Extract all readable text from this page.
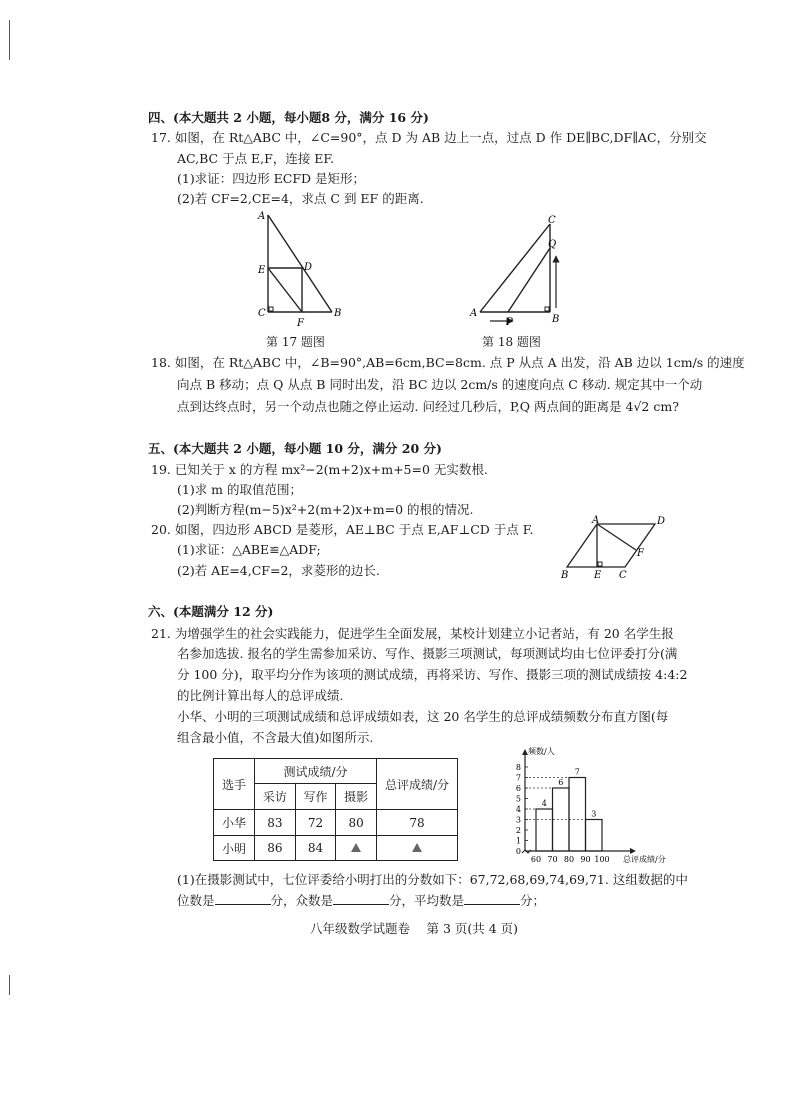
四、(本大题共 2 小题，每小题8 分，满分 16 分)
17. 如图，在 Rt△ABC 中，∠C=90°，点 D 为 AB 边上一点，过点 D 作 DE∥BC,DF∥AC，分别交
AC,BC 于点 E,F，连接 EF.
(1)求证：四边形 ECFD 是矩形；
(2)若 CF=2,CE=4，求点 C 到 EF 的距离.
A
E	D
C
F
B
第 17 题图
A
P	B
C
Q
第 18 题图
18. 如图，在 Rt△ABC 中，∠B=90°,AB=6cm,BC=8cm. 点 P 从点 A 出发，沿 AB 边以 1cm/s 的速度
向点 B 移动；点 Q 从点 B 同时出发，沿 BC 边以 2cm/s 的速度向点 C 移动. 规定其中一个动
点到达终点时，另一个动点也随之停止运动. 问经过几秒后，P,Q 两点间的距离是 4√2 cm?
五、(本大题共 2 小题，每小题 10 分，满分 20 分)
19. 已知关于 x 的方程 mx²−2(m+2)x+m+5=0 无实数根.
(1)求 m 的取值范围；
(2)判断方程(m−5)x²+2(m+2)x+m=0 的根的情况.
20. 如图，四边形 ABCD 是菱形，AE⊥BC 于点 E,AF⊥CD 于点 F.
(1)求证：△ABE≌△ADF;
(2)若 AE=4,CF=2，求菱形的边长.
A	D
F
B	E C
六、(本题满分 12 分)
21. 为增强学生的社会实践能力，促进学生全面发展，某校计划建立小记者站，有 20 名学生报
名参加选拔. 报名的学生需参加采访、写作、摄影三项测试，每项测试均由七位评委打分(满
分 100 分)，取平均分作为该项的测试成绩，再将采访、写作、摄影三项的测试成绩按 4:4:2
的比例计算出每人的总评成绩.
小华、小明的三项测试成绩和总评成绩如表，这 20 名学生的总评成绩频数分布直方图(每
组含最小值，不含最大值)如图所示.
选手	测试成绩/分			总评成绩/分
	采访	写作	摄影	
小华	83	72	80	78
小明	86	84			0
1
2
3
4
5
6
7
8
4
6
7
3
60 70 80 90 100 总评成绩/分
频数/人
(1)在摄影测试中，七位评委给小明打出的分数如下：67,72,68,69,74,69,71. 这组数据的中
位数是	分，众数是	分，平均数是	分；
八年级数学试题卷　 第 3 页(共 4 页)
